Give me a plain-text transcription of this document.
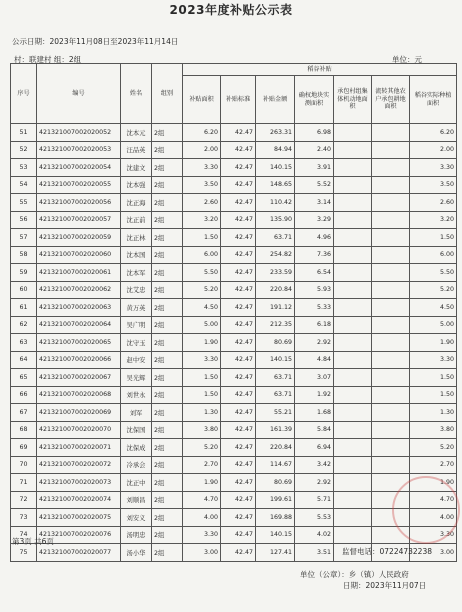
2023年度补贴公示表
公示日期：2023年11月08日至2023年11月14日
村：联建村 组：2组	单位：元
序号	编号	姓名	组别	稻谷补贴						
				补贴面积	补贴标准	补贴金额	确权地块实测面积	承包村组集体机动地面积	流转其他农户承包耕地面积	稻谷实际种植面积
51	421321007002020052	沈本元	2组	6.20	42.47	263.31	6.98			6.20
52	421321007002020053	汪品英	2组	2.00	42.47	84.94	2.40			2.00
53	421321007002020054	沈建文	2组	3.30	42.47	140.15	3.91			3.30
54	421321007002020055	沈本强	2组	3.50	42.47	148.65	5.52			3.50
55	421321007002020056	沈正海	2组	2.60	42.47	110.42	3.14			2.60
56	421321007002020057	沈正前	2组	3.20	42.47	135.90	3.29			3.20
57	421321007002020059	沈正林	2组	1.50	42.47	63.71	4.96			1.50
58	421321007002020060	沈本国	2组	6.00	42.47	254.82	7.36			6.00
59	421321007002020061	沈本军	2组	5.50	42.47	233.59	6.54			5.50
60	421321007002020062	沈艾忠	2组	5.20	42.47	220.84	5.93			5.20
61	421321007002020063	黄万英	2组	4.50	42.47	191.12	5.33			4.50
62	421321007002020064	吴广明	2组	5.00	42.47	212.35	6.18			5.00
63	421321007002020065	沈守玉	2组	1.90	42.47	80.69	2.92			1.90
64	421321007002020066	赵中安	2组	3.30	42.47	140.15	4.84			3.30
65	421321007002020067	吴光辉	2组	1.50	42.47	63.71	3.07			1.50
66	421321007002020068	刘世永	2组	1.50	42.47	63.71	1.92			1.50
67	421321007002020069	刘军	2组	1.30	42.47	55.21	1.68			1.30
68	421321007002020070	沈保国	2组	3.80	42.47	161.39	5.84			3.80
69	421321007002020071	沈保成	2组	5.20	42.47	220.84	6.94			5.20
70	421321007002020072	冷承会	2组	2.70	42.47	114.67	3.42			2.70
71	421321007002020073	沈正中	2组	1.90	42.47	80.69	2.92			1.90
72	421321007002020074	刘顺昌	2组	4.70	42.47	199.61	5.71			4.70
73	421321007002020075	刘安义	2组	4.00	42.47	169.88	5.53			4.00
74	421321007002020076	汤明忠	2组	3.30	42.47	140.15	4.02			3.30
75	421321007002020077	汤小华	2组	3.00	42.47	127.41	3.51			3.00
第3页 共6页
监督电话：07224732238
单位（公章）：乡（镇）人民政府
日期：2023年11月07日
